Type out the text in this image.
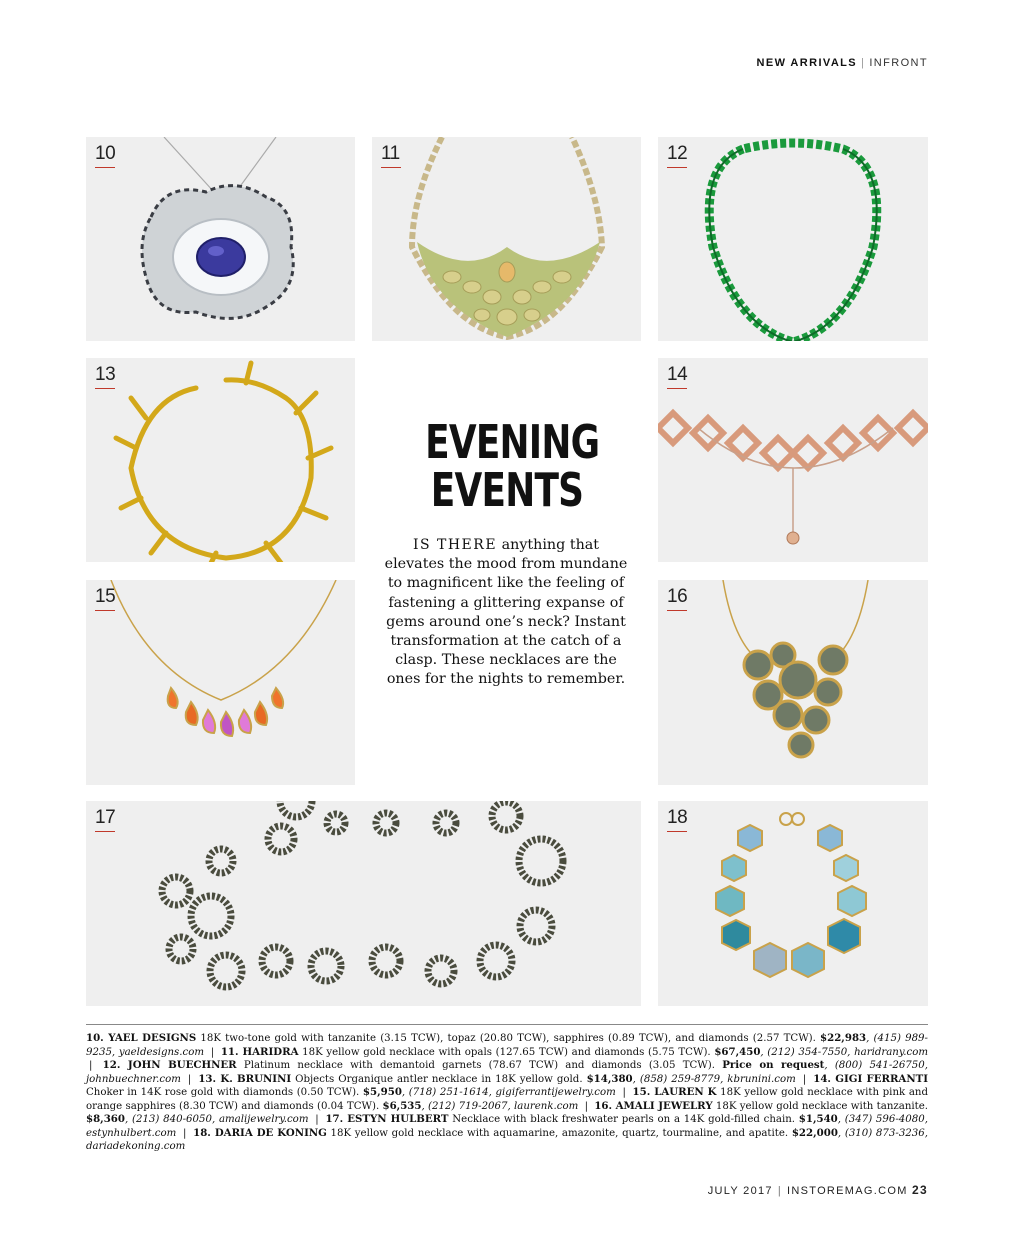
NEW ARRIVALS | INFRONT
10	11	12
13	14
15	16
17	18
EVENING
EVENTS
IS THERE anything that elevates the mood from mundane to magnificent like the feeling of fastening a glittering expanse of gems around one’s neck? Instant transformation at the catch of a clasp. These necklaces are the ones for the nights to remember.
10. YAEL DESIGNS 18K two-tone gold with tanzanite (3.15 TCW), topaz (20.80 TCW), sapphires (0.89 TCW), and diamonds (2.57 TCW). $22,983, (415) 989-9235, yaeldesigns.com | 11. HARIDRA 18K yellow gold necklace with opals (127.65 TCW) and diamonds (5.75 TCW). $67,450, (212) 354-7550, haridrany.com | 12. JOHN BUECHNER Platinum necklace with demantoid garnets (78.67 TCW) and diamonds (3.05 TCW). Price on request, (800) 541-26750, johnbuechner.com | 13. K. BRUNINI Objects Organique antler necklace in 18K yellow gold. $14,380, (858) 259-8779, kbrunini.com | 14. GIGI FERRANTI Choker in 14K rose gold with diamonds (0.50 TCW). $5,950, (718) 251-1614, gigiferrantijewelry.com | 15. LAUREN K 18K yellow gold necklace with pink and orange sapphires (8.30 TCW) and diamonds (0.04 TCW). $6,535, (212) 719-2067, laurenk.com | 16. AMALI JEWELRY 18K yellow gold necklace with tanzanite. $8,360, (213) 840-6050, amalijewelry.com | 17. ESTYN HULBERT Necklace with black freshwater pearls on a 14K gold-filled chain. $1,540, (347) 596-4080, estynhulbert.com | 18. DARIA DE KONING 18K yellow gold necklace with aquamarine, amazonite, quartz, tourmaline, and apatite. $22,000, (310) 873-3236, dariadekoning.com
JULY 2017 | INSTOREMAG.COM 23
